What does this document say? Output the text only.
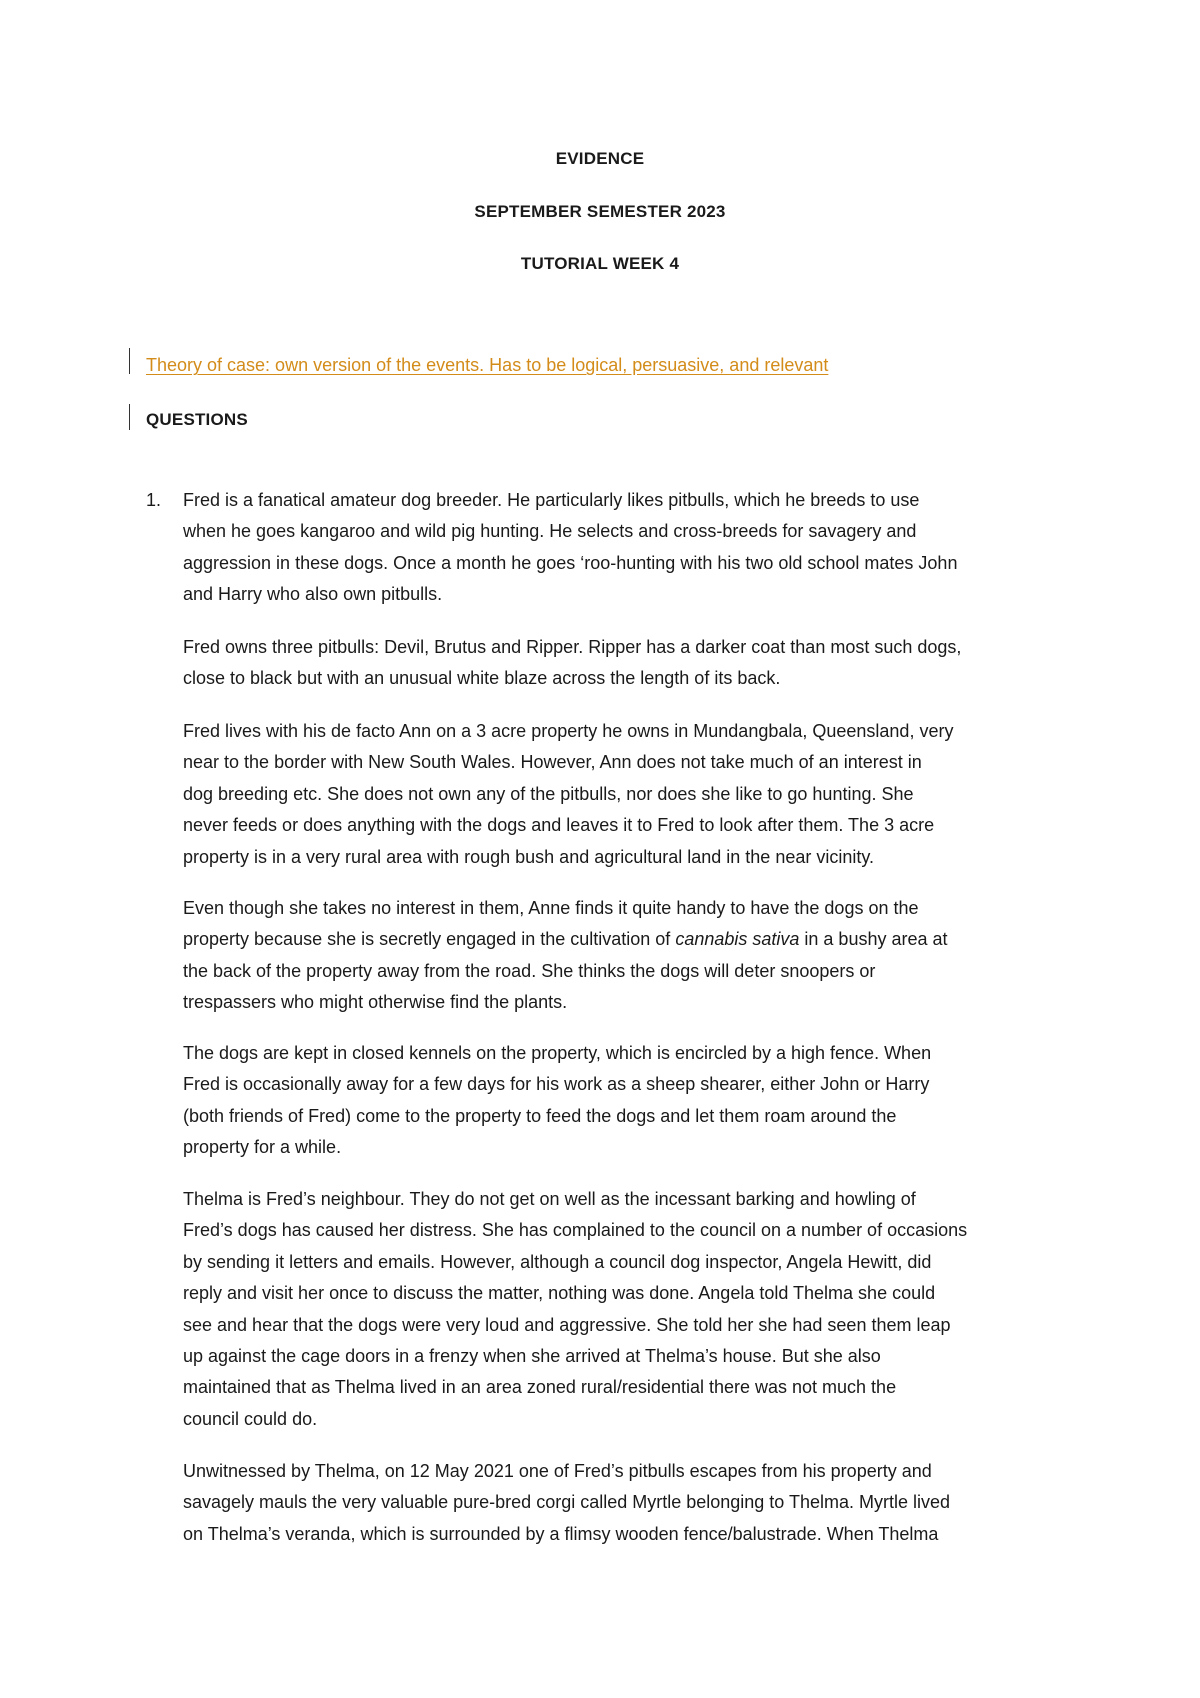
EVIDENCE
SEPTEMBER SEMESTER 2023
TUTORIAL WEEK 4
Theory of case: own version of the events. Has to be logical, persuasive, and relevant
QUESTIONS
1. Fred is a fanatical amateur dog breeder. He particularly likes pitbulls, which he breeds to use
when he goes kangaroo and wild pig hunting. He selects and cross-breeds for savagery and
aggression in these dogs. Once a month he goes ‘roo-hunting with his two old school mates John
and Harry who also own pitbulls.
Fred owns three pitbulls: Devil, Brutus and Ripper. Ripper has a darker coat than most such dogs,
close to black but with an unusual white blaze across the length of its back.
Fred lives with his de facto Ann on a 3 acre property he owns in Mundangbala, Queensland, very
near to the border with New South Wales. However, Ann does not take much of an interest in
dog breeding etc. She does not own any of the pitbulls, nor does she like to go hunting. She
never feeds or does anything with the dogs and leaves it to Fred to look after them. The 3 acre
property is in a very rural area with rough bush and agricultural land in the near vicinity.
Even though she takes no interest in them, Anne finds it quite handy to have the dogs on the
property because she is secretly engaged in the cultivation of cannabis sativa in a bushy area at
the back of the property away from the road. She thinks the dogs will deter snoopers or
trespassers who might otherwise find the plants.
The dogs are kept in closed kennels on the property, which is encircled by a high fence. When
Fred is occasionally away for a few days for his work as a sheep shearer, either John or Harry
(both friends of Fred) come to the property to feed the dogs and let them roam around the
property for a while.
Thelma is Fred’s neighbour. They do not get on well as the incessant barking and howling of
Fred’s dogs has caused her distress. She has complained to the council on a number of occasions
by sending it letters and emails. However, although a council dog inspector, Angela Hewitt, did
reply and visit her once to discuss the matter, nothing was done. Angela told Thelma she could
see and hear that the dogs were very loud and aggressive. She told her she had seen them leap
up against the cage doors in a frenzy when she arrived at Thelma’s house. But she also
maintained that as Thelma lived in an area zoned rural/residential there was not much the
council could do.
Unwitnessed by Thelma, on 12 May 2021 one of Fred’s pitbulls escapes from his property and
savagely mauls the very valuable pure-bred corgi called Myrtle belonging to Thelma. Myrtle lived
on Thelma’s veranda, which is surrounded by a flimsy wooden fence/balustrade. When Thelma
